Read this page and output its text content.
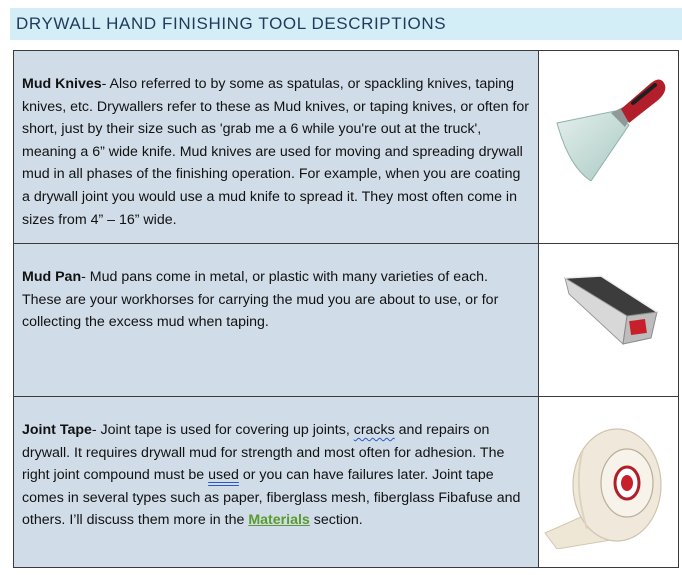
DRYWALL HAND FINISHING TOOL DESCRIPTIONS
Mud Knives- Also referred to by some as spatulas, or spackling knives, taping knives, etc. Drywallers refer to these as Mud knives, or taping knives, or often for short, just by their size such as 'grab me a 6 while you're out at the truck', meaning a 6” wide knife. Mud knives are used for moving and spreading drywall mud in all phases of the finishing operation. For example, when you are coating a drywall joint you would use a mud knife to spread it. They most often come in sizes from 4” – 16” wide.	

Mud Pan- Mud pans come in metal, or plastic with many varieties of each. These are your workhorses for carrying the mud you are about to use, or for collecting the excess mud when taping.	

Joint Tape- Joint tape is used for covering up joints, cracks and repairs on drywall. It requires drywall mud for strength and most often for adhesion. The right joint compound must be used or you can have failures later. Joint tape comes in several types such as paper, fiberglass mesh, fiberglass Fibafuse and others. I’ll discuss them more in the Materials section.	
